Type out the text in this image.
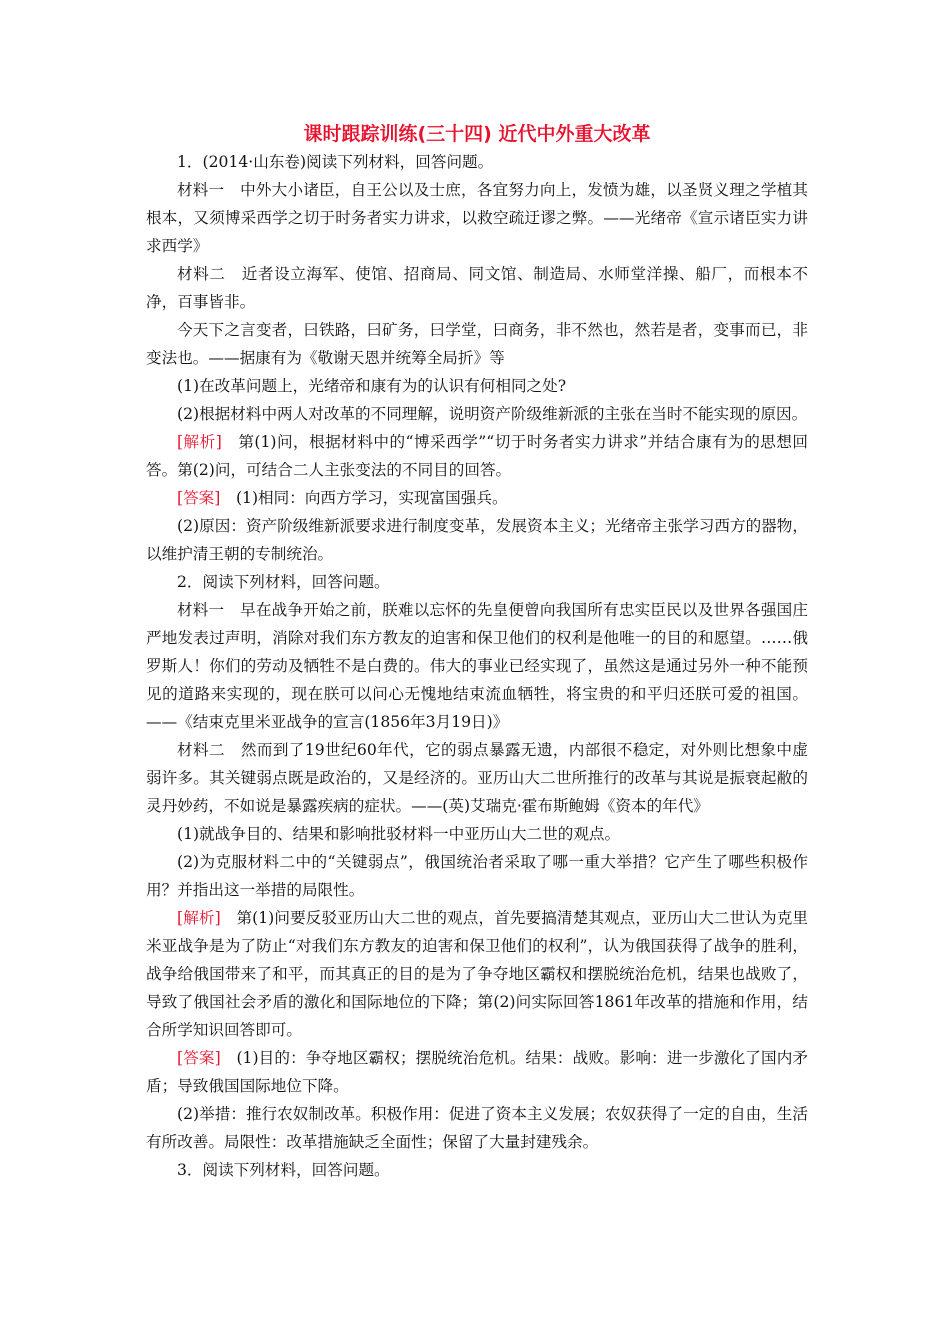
课时跟踪训练(三十四) 近代中外重大改革

1．(2014·山东卷)阅读下列材料，回答问题。

材料一　中外大小诸臣，自王公以及士庶，各宜努力向上，发愤为雄，以圣贤义理之学植其根本，又须博采西学之切于时务者实力讲求，以救空疏迂谬之弊。——光绪帝《宣示诸臣实力讲求西学》

材料二　近者设立海军、使馆、招商局、同文馆、制造局、水师堂洋操、船厂，而根本不净，百事皆非。

今天下之言变者，曰铁路，曰矿务，曰学堂，曰商务，非不然也，然若是者，变事而已，非变法也。——据康有为《敬谢天恩并统筹全局折》等

(1)在改革问题上，光绪帝和康有为的认识有何相同之处?

(2)根据材料中两人对改革的不同理解，说明资产阶级维新派的主张在当时不能实现的原因。

[解析]　第(1)问，根据材料中的“博采西学”“切于时务者实力讲求”并结合康有为的思想回答。第(2)问，可结合二人主张变法的不同目的回答。

[答案]　(1)相同：向西方学习，实现富国强兵。

(2)原因：资产阶级维新派要求进行制度变革，发展资本主义；光绪帝主张学习西方的器物，以维护清王朝的专制统治。

2．阅读下列材料，回答问题。

材料一　早在战争开始之前，朕难以忘怀的先皇便曾向我国所有忠实臣民以及世界各强国庄严地发表过声明，消除对我们东方教友的迫害和保卫他们的权利是他唯一的目的和愿望。……俄罗斯人！你们的劳动及牺牲不是白费的。伟大的事业已经实现了，虽然这是通过另外一种不能预见的道路来实现的，现在朕可以问心无愧地结束流血牺牲，将宝贵的和平归还朕可爱的祖国。——《结束克里米亚战争的宣言(1856年3月19日)》

材料二　然而到了19世纪60年代，它的弱点暴露无遗，内部很不稳定，对外则比想象中虚弱许多。其关键弱点既是政治的，又是经济的。亚历山大二世所推行的改革与其说是振衰起敝的灵丹妙药，不如说是暴露疾病的症状。——(英)艾瑞克·霍布斯鲍姆《资本的年代》

(1)就战争目的、结果和影响批驳材料一中亚历山大二世的观点。

(2)为克服材料二中的“关键弱点”，俄国统治者采取了哪一重大举措？它产生了哪些积极作用？并指出这一举措的局限性。

[解析]　第(1)问要反驳亚历山大二世的观点，首先要搞清楚其观点，亚历山大二世认为克里米亚战争是为了防止“对我们东方教友的迫害和保卫他们的权利”，认为俄国获得了战争的胜利，战争给俄国带来了和平，而其真正的目的是为了争夺地区霸权和摆脱统治危机，结果也战败了，导致了俄国社会矛盾的激化和国际地位的下降；第(2)问实际回答1861年改革的措施和作用，结合所学知识回答即可。

[答案]　(1)目的：争夺地区霸权；摆脱统治危机。结果：战败。影响：进一步激化了国内矛盾；导致俄国国际地位下降。

(2)举措：推行农奴制改革。积极作用：促进了资本主义发展；农奴获得了一定的自由，生活有所改善。局限性：改革措施缺乏全面性；保留了大量封建残余。

3．阅读下列材料，回答问题。
